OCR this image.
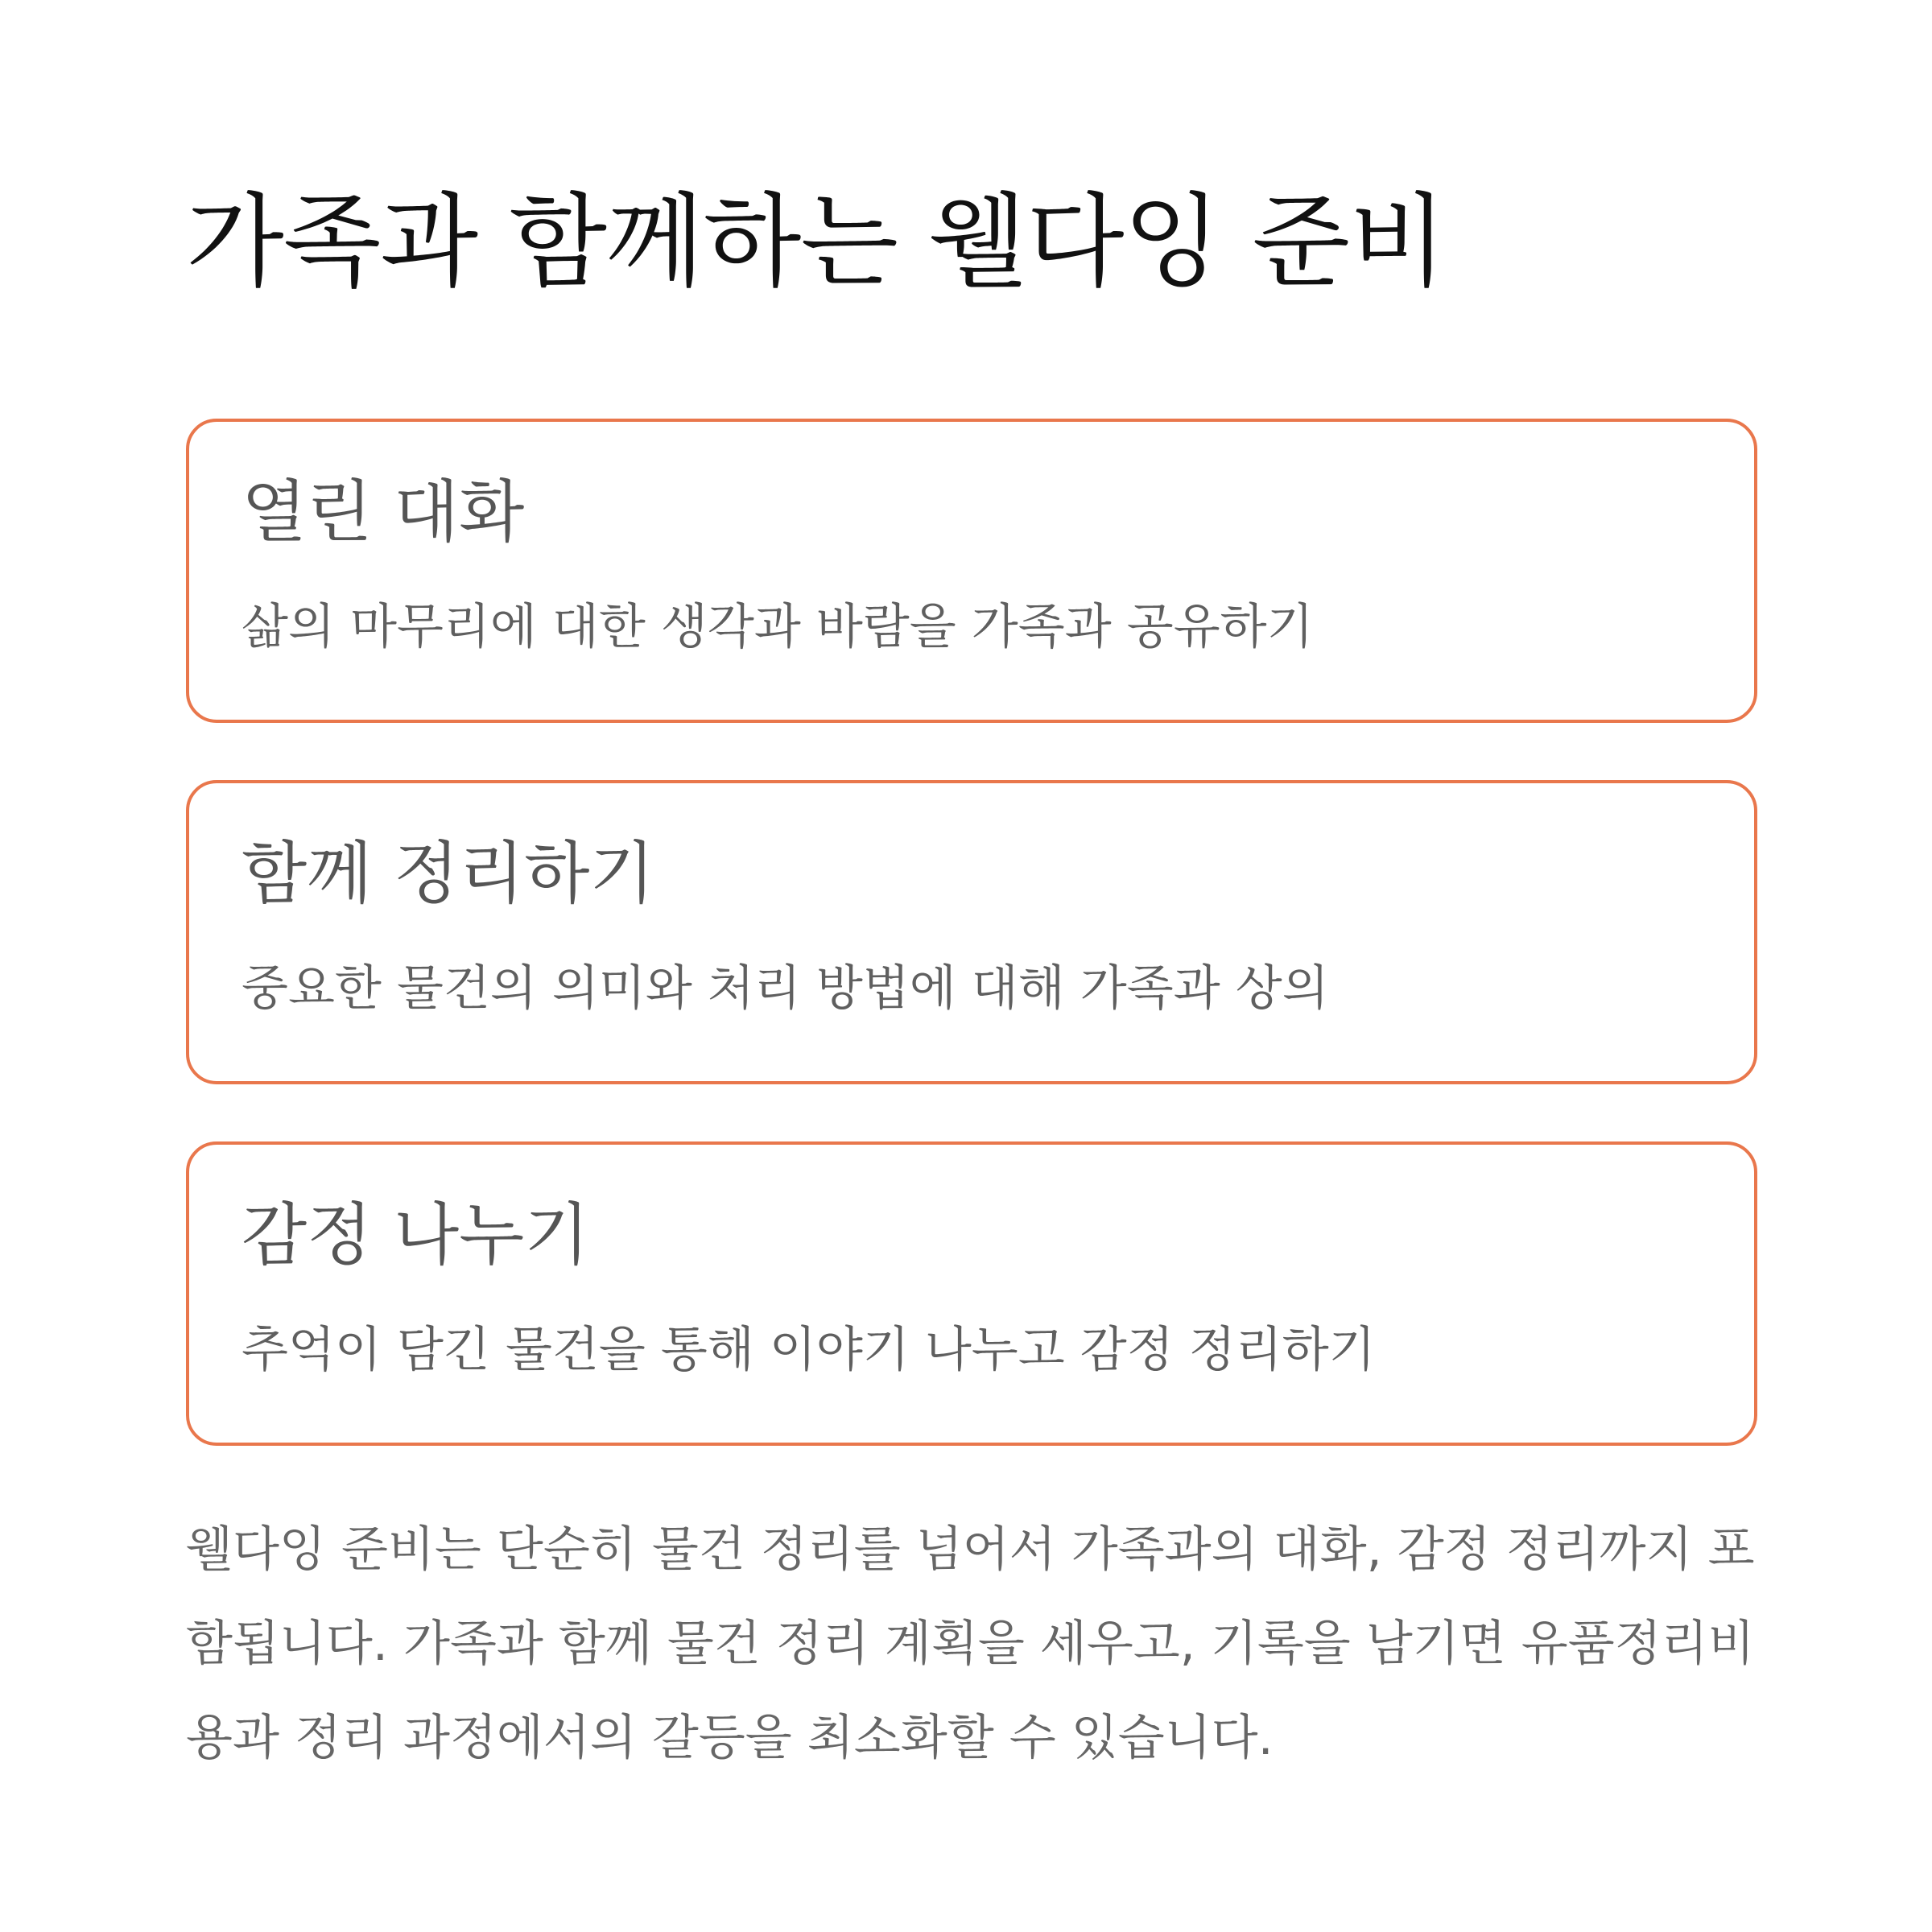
가족과 함께하는 웰다잉 준비
열린 대화

삶의 마무리에 대한 생각과 바람을 가족과 공유하기

함께 정리하기

중요한 물건의 의미와 처리 방법에 대해 가족과 상의

감정 나누기

추억이 담긴 물건을 통해 이야기 나누고 감정 정리하기

웰다잉 준비는 단순히 물건 정리를 넘어서 가족과의 대화, 감정 정리까지 포
함됩니다. 가족과 함께 물건 정리 계획을 세우고, 기록을 남기면 유품정리비
용과 정리 과정에서의 갈등을 최소화할 수 있습니다.
